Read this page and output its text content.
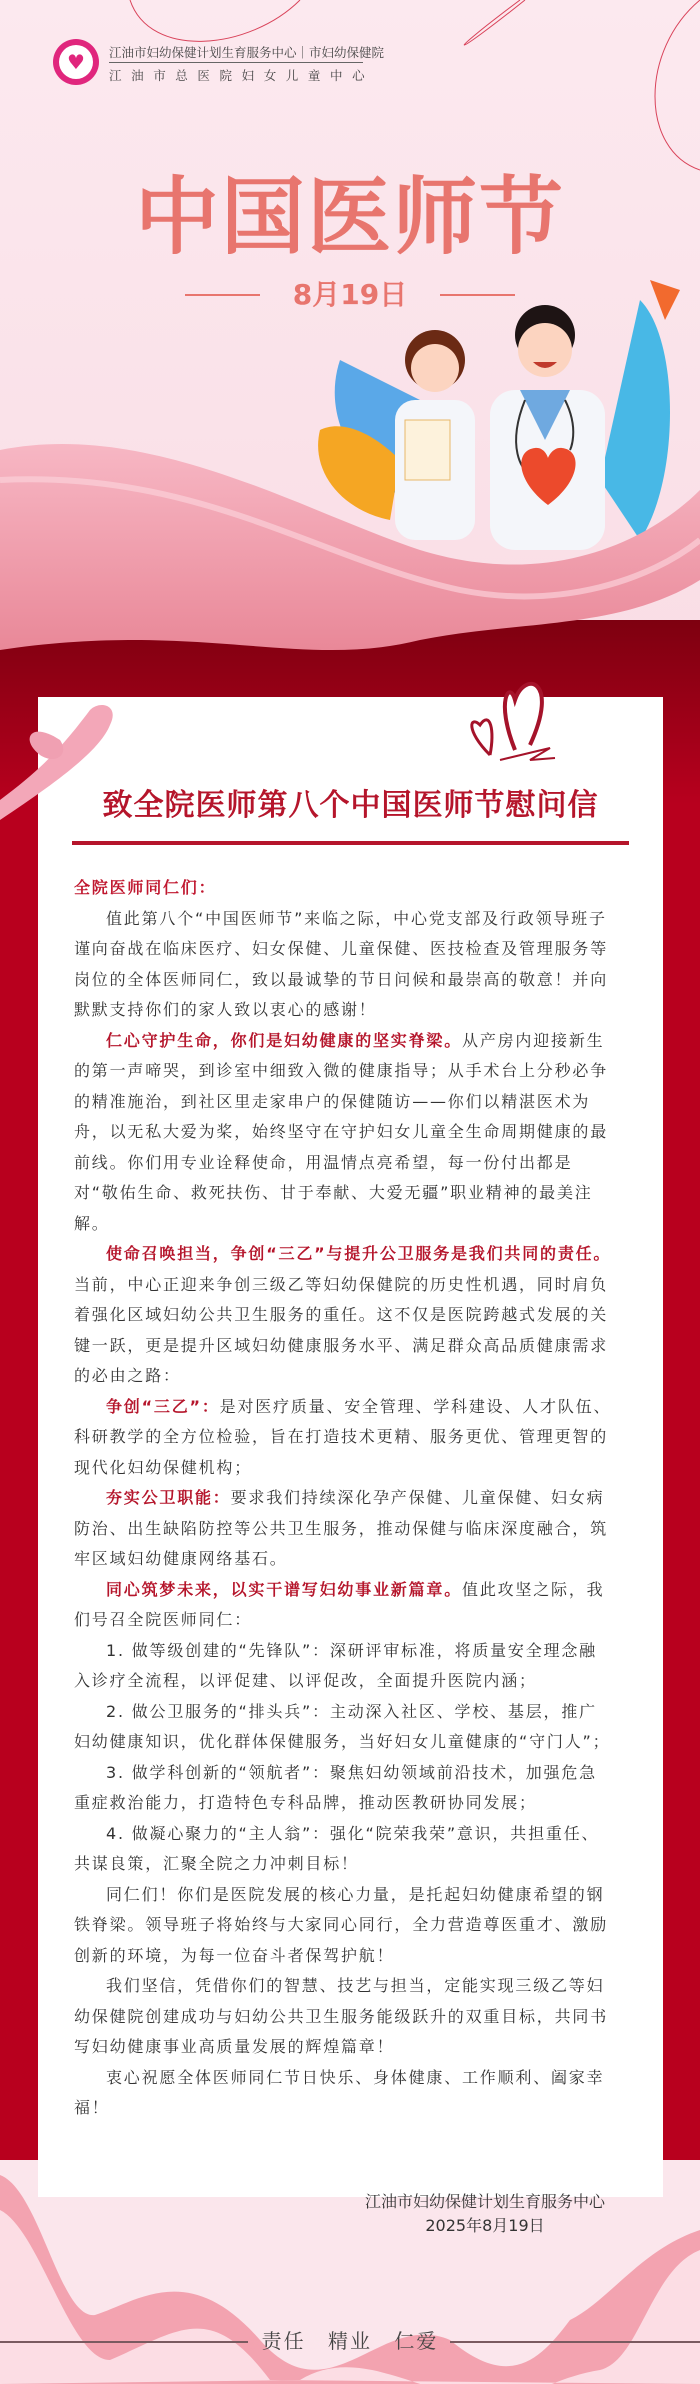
♥	江油市妇幼保健计划生育服务中心｜市妇幼保健院
江油市总医院妇女儿童中心
中国医师节
8月19日
致全院医师第八个中国医师节慰问信

全院医师同仁们：

值此第八个“中国医师节”来临之际，中心党支部及行政领导班子谨向奋战在临床医疗、妇女保健、儿童保健、医技检查及管理服务等岗位的全体医师同仁，致以最诚挚的节日问候和最崇高的敬意！并向默默支持你们的家人致以衷心的感谢！

仁心守护生命，你们是妇幼健康的坚实脊梁。从产房内迎接新生的第一声啼哭，到诊室中细致入微的健康指导；从手术台上分秒必争的精准施治，到社区里走家串户的保健随访——你们以精湛医术为舟，以无私大爱为桨，始终坚守在守护妇女儿童全生命周期健康的最前线。你们用专业诠释使命，用温情点亮希望，每一份付出都是对“敬佑生命、救死扶伤、甘于奉献、大爱无疆”职业精神的最美注解。

使命召唤担当，争创“三乙”与提升公卫服务是我们共同的责任。当前，中心正迎来争创三级乙等妇幼保健院的历史性机遇，同时肩负着强化区域妇幼公共卫生服务的重任。这不仅是医院跨越式发展的关键一跃，更是提升区域妇幼健康服务水平、满足群众高品质健康需求的必由之路：

争创“三乙”：是对医疗质量、安全管理、学科建设、人才队伍、科研教学的全方位检验，旨在打造技术更精、服务更优、管理更智的现代化妇幼保健机构；

夯实公卫职能：要求我们持续深化孕产保健、儿童保健、妇女病防治、出生缺陷防控等公共卫生服务，推动保健与临床深度融合，筑牢区域妇幼健康网络基石。

同心筑梦未来，以实干谱写妇幼事业新篇章。值此攻坚之际，我们号召全院医师同仁：

1. 做等级创建的“先锋队”：深研评审标准，将质量安全理念融入诊疗全流程，以评促建、以评促改，全面提升医院内涵；

2. 做公卫服务的“排头兵”：主动深入社区、学校、基层，推广妇幼健康知识，优化群体保健服务，当好妇女儿童健康的“守门人”；

3. 做学科创新的“领航者”：聚焦妇幼领域前沿技术，加强危急重症救治能力，打造特色专科品牌，推动医教研协同发展；

4. 做凝心聚力的“主人翁”：强化“院荣我荣”意识，共担重任、共谋良策，汇聚全院之力冲刺目标！

同仁们！你们是医院发展的核心力量，是托起妇幼健康希望的钢铁脊梁。领导班子将始终与大家同心同行，全力营造尊医重才、激励创新的环境，为每一位奋斗者保驾护航！

我们坚信，凭借你们的智慧、技艺与担当，定能实现三级乙等妇幼保健院创建成功与妇幼公共卫生服务能级跃升的双重目标，共同书写妇幼健康事业高质量发展的辉煌篇章！

衷心祝愿全体医师同仁节日快乐、身体健康、工作顺利、阖家幸福！

江油市妇幼保健计划生育服务中心
2025年8月19日
责任 精业 仁爱
